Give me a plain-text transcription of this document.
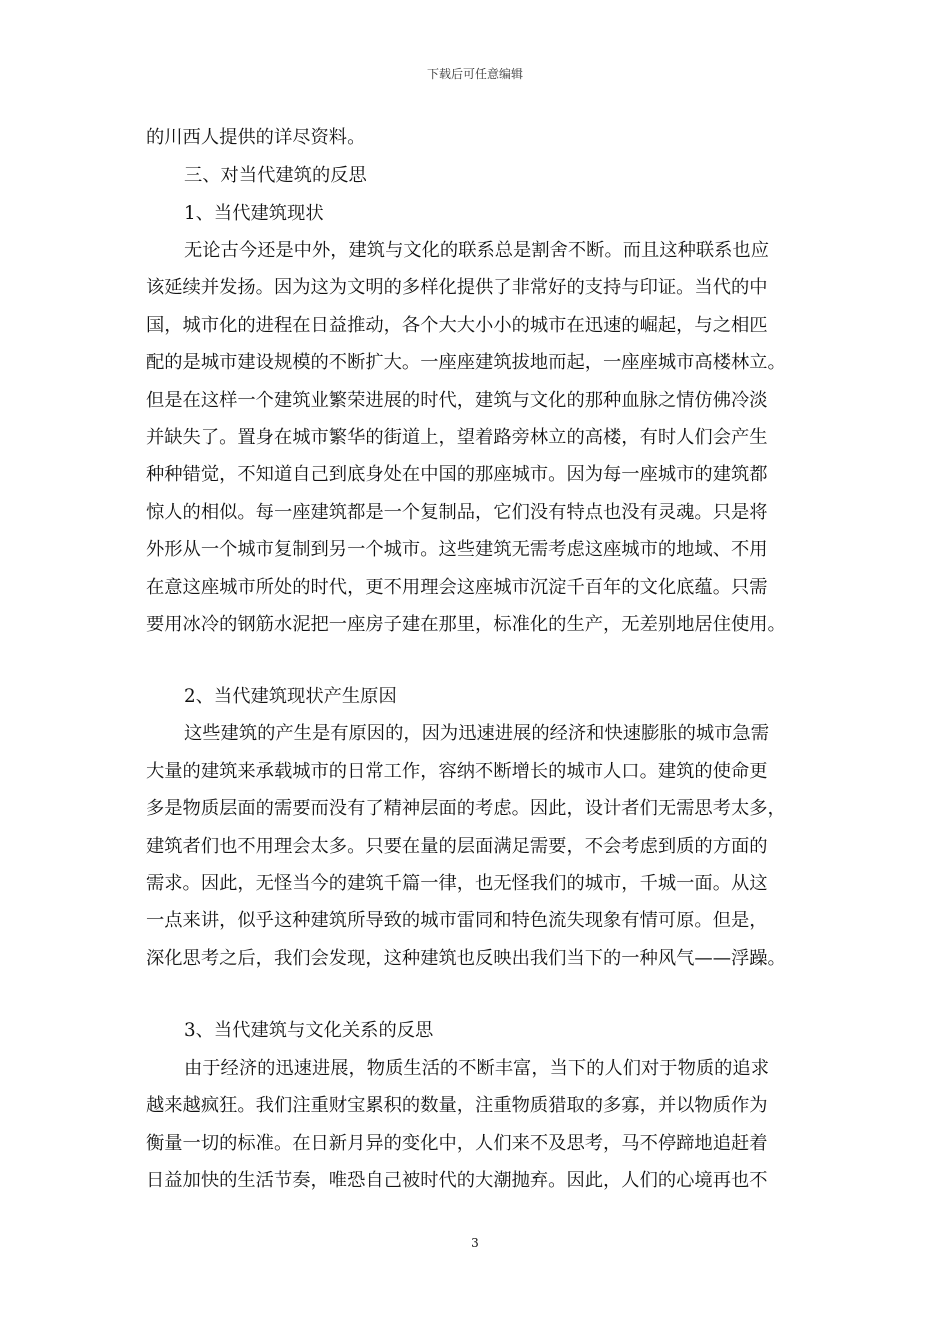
下载后可任意编辑
的川西人提供的详尽资料。
三、对当代建筑的反思
1、当代建筑现状
无论古今还是中外，建筑与文化的联系总是割舍不断。而且这种联系也应
该延续并发扬。因为这为文明的多样化提供了非常好的支持与印证。当代的中
国，城市化的进程在日益推动，各个大大小小的城市在迅速的崛起，与之相匹
配的是城市建设规模的不断扩大。一座座建筑拔地而起，一座座城市高楼林立。
但是在这样一个建筑业繁荣进展的时代，建筑与文化的那种血脉之情仿佛冷淡
并缺失了。置身在城市繁华的街道上，望着路旁林立的高楼，有时人们会产生
种种错觉，不知道自己到底身处在中国的那座城市。因为每一座城市的建筑都
惊人的相似。每一座建筑都是一个复制品，它们没有特点也没有灵魂。只是将
外形从一个城市复制到另一个城市。这些建筑无需考虑这座城市的地域、不用
在意这座城市所处的时代，更不用理会这座城市沉淀千百年的文化底蕴。只需
要用冰冷的钢筋水泥把一座房子建在那里，标准化的生产，无差别地居住使用。
2、当代建筑现状产生原因
这些建筑的产生是有原因的，因为迅速进展的经济和快速膨胀的城市急需
大量的建筑来承载城市的日常工作，容纳不断增长的城市人口。建筑的使命更
多是物质层面的需要而没有了精神层面的考虑。因此，设计者们无需思考太多，
建筑者们也不用理会太多。只要在量的层面满足需要，不会考虑到质的方面的
需求。因此，无怪当今的建筑千篇一律，也无怪我们的城市，千城一面。从这
一点来讲，似乎这种建筑所导致的城市雷同和特色流失现象有情可原。但是，
深化思考之后，我们会发现，这种建筑也反映出我们当下的一种风气——浮躁。
3、当代建筑与文化关系的反思
由于经济的迅速进展，物质生活的不断丰富，当下的人们对于物质的追求
越来越疯狂。我们注重财宝累积的数量，注重物质猎取的多寡，并以物质作为
衡量一切的标准。在日新月异的变化中，人们来不及思考，马不停蹄地追赶着
日益加快的生活节奏，唯恐自己被时代的大潮抛弃。因此，人们的心境再也不
3
